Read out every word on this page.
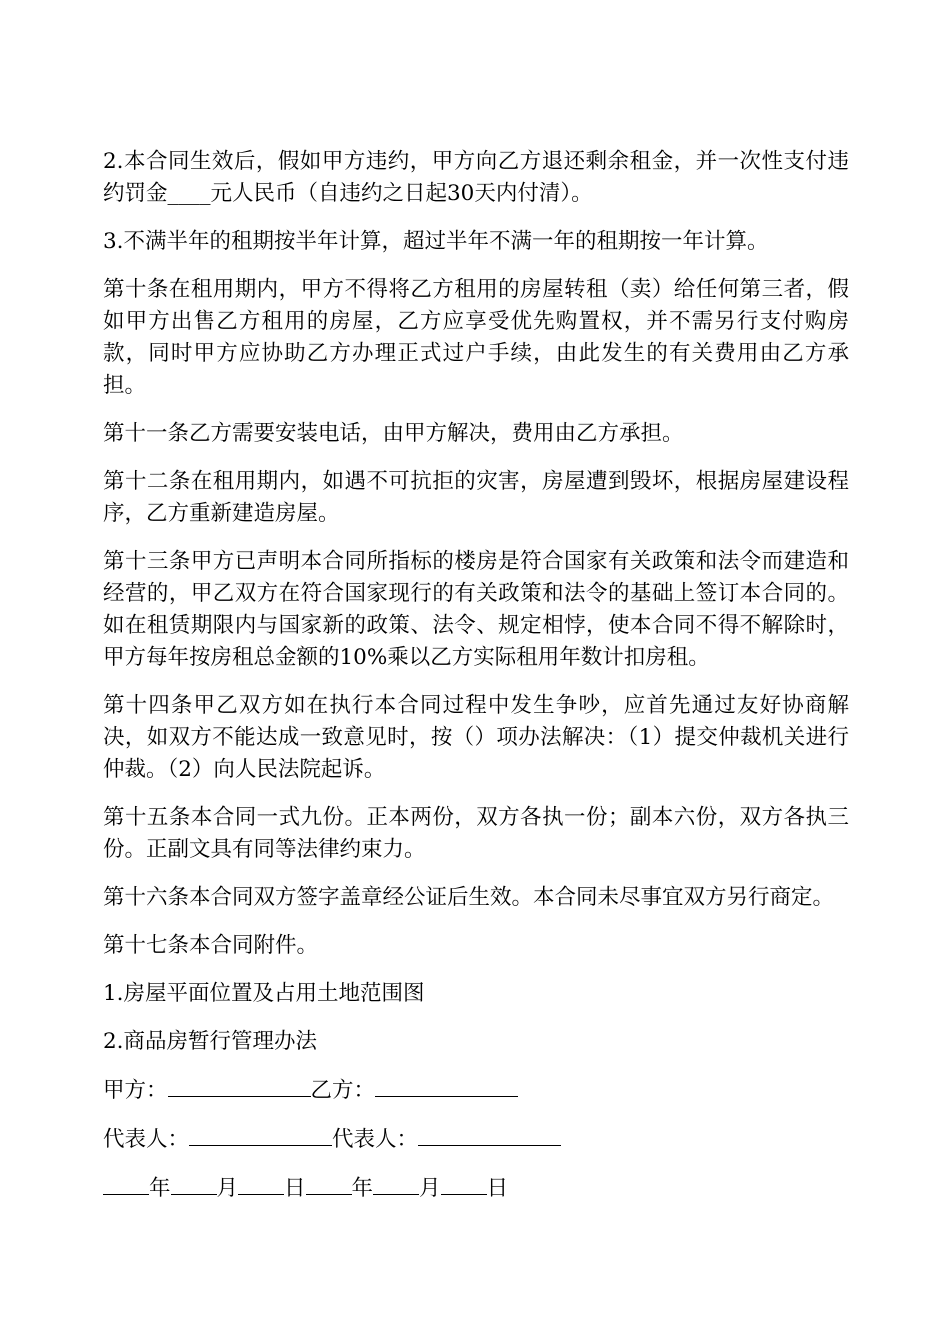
2.本合同生效后，假如甲方违约，甲方向乙方退还剩余租金，并一次性支付违约罚金____元人民币（自违约之日起30天内付清）。

3.不满半年的租期按半年计算，超过半年不满一年的租期按一年计算。

第十条在租用期内，甲方不得将乙方租用的房屋转租（卖）给任何第三者，假如甲方出售乙方租用的房屋，乙方应享受优先购置权，并不需另行支付购房款，同时甲方应协助乙方办理正式过户手续，由此发生的有关费用由乙方承担。

第十一条乙方需要安装电话，由甲方解决，费用由乙方承担。

第十二条在租用期内，如遇不可抗拒的灾害，房屋遭到毁坏，根据房屋建设程序，乙方重新建造房屋。

第十三条甲方已声明本合同所指标的楼房是符合国家有关政策和法令而建造和经营的，甲乙双方在符合国家现行的有关政策和法令的基础上签订本合同的。如在租赁期限内与国家新的政策、法令、规定相悖，使本合同不得不解除时，甲方每年按房租总金额的10%乘以乙方实际租用年数计扣房租。

第十四条甲乙双方如在执行本合同过程中发生争吵，应首先通过友好协商解决，如双方不能达成一致意见时，按（）项办法解决：（1）提交仲裁机关进行仲裁。（2）向人民法院起诉。

第十五条本合同一式九份。正本两份，双方各执一份；副本六份，双方各执三份。正副文具有同等法律约束力。

第十六条本合同双方签字盖章经公证后生效。本合同未尽事宜双方另行商定。

第十七条本合同附件。

1.房屋平面位置及占用土地范围图

2.商品房暂行管理办法

甲方：	乙方：
代表人：	代表人：
年 月 日 年 月 日
